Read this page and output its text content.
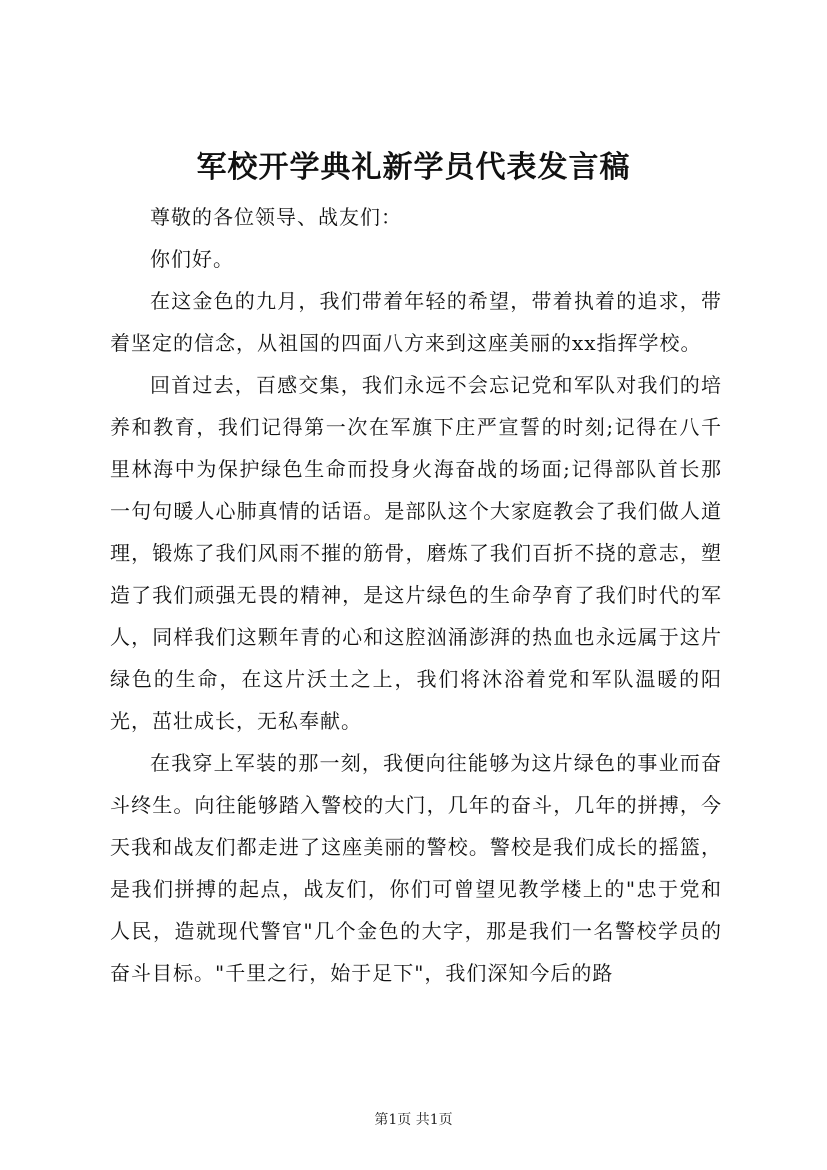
军校开学典礼新学员代表发言稿

尊敬的各位领导、战友们：

你们好。

在这金色的九月，我们带着年轻的希望，带着执着的追求，带着坚定的信念，从祖国的四面八方来到这座美丽的xx指挥学校。

回首过去，百感交集，我们永远不会忘记党和军队对我们的培养和教育，我们记得第一次在军旗下庄严宣誓的时刻;记得在八千里林海中为保护绿色生命而投身火海奋战的场面;记得部队首长那一句句暖人心肺真情的话语。是部队这个大家庭教会了我们做人道理，锻炼了我们风雨不摧的筋骨，磨炼了我们百折不挠的意志，塑造了我们顽强无畏的精神，是这片绿色的生命孕育了我们时代的军人，同样我们这颗年青的心和这腔汹涌澎湃的热血也永远属于这片绿色的生命，在这片沃土之上，我们将沐浴着党和军队温暖的阳光，茁壮成长，无私奉献。

在我穿上军装的那一刻，我便向往能够为这片绿色的事业而奋斗终生。向往能够踏入警校的大门，几年的奋斗，几年的拼搏，今天我和战友们都走进了这座美丽的警校。警校是我们成长的摇篮，是我们拼搏的起点，战友们，你们可曾望见教学楼上的"忠于党和人民，造就现代警官"几个金色的大字，那是我们一名警校学员的奋斗目标。"千里之行，始于足下"，我们深知今后的路

第1页 共1页
